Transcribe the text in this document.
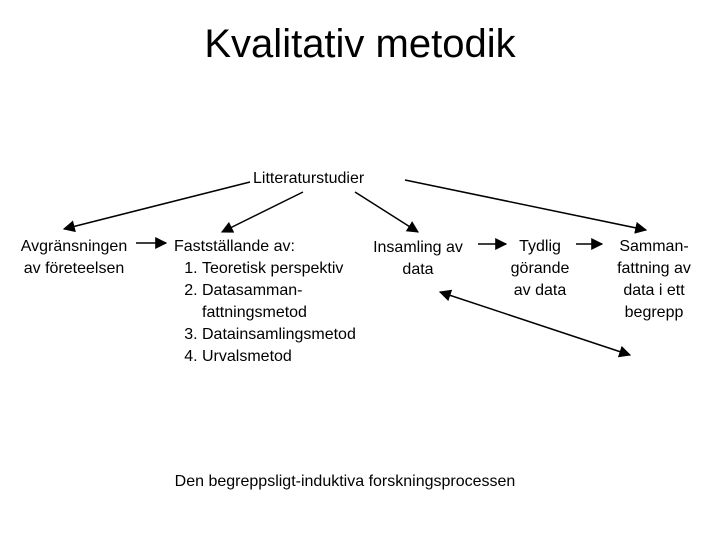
Kvalitativ metodik
Litteraturstudier
Avgränsningen
av företeelsen
Fastställande av:
1. Teoretisk perspektiv
2. Datasamman-
fattningsmetod
3. Datainsamlingsmetod
4. Urvalsmetod
Insamling av
data
Tydlig
görande
av data
Samman-
fattning av
data i ett
begrepp
Den begreppsligt-induktiva forskningsprocessen
